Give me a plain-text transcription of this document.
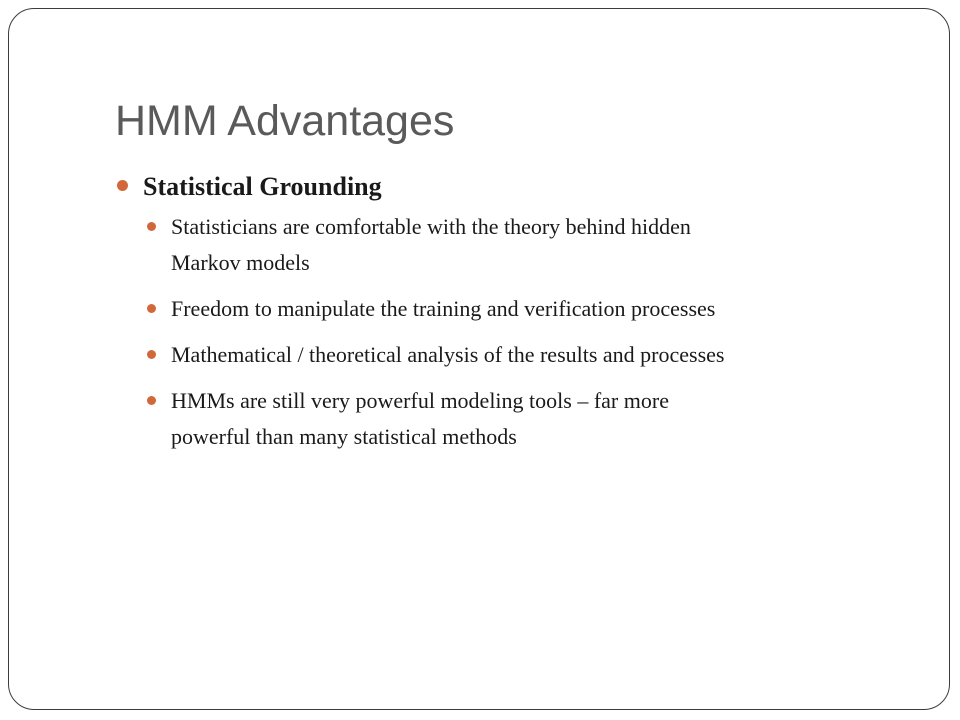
HMM Advantages
Statistical Grounding
Statisticians are comfortable with the theory behind hidden
Markov models
Freedom to manipulate the training and verification processes
Mathematical / theoretical analysis of the results and processes
HMMs are still very powerful modeling tools – far more
powerful than many statistical methods
